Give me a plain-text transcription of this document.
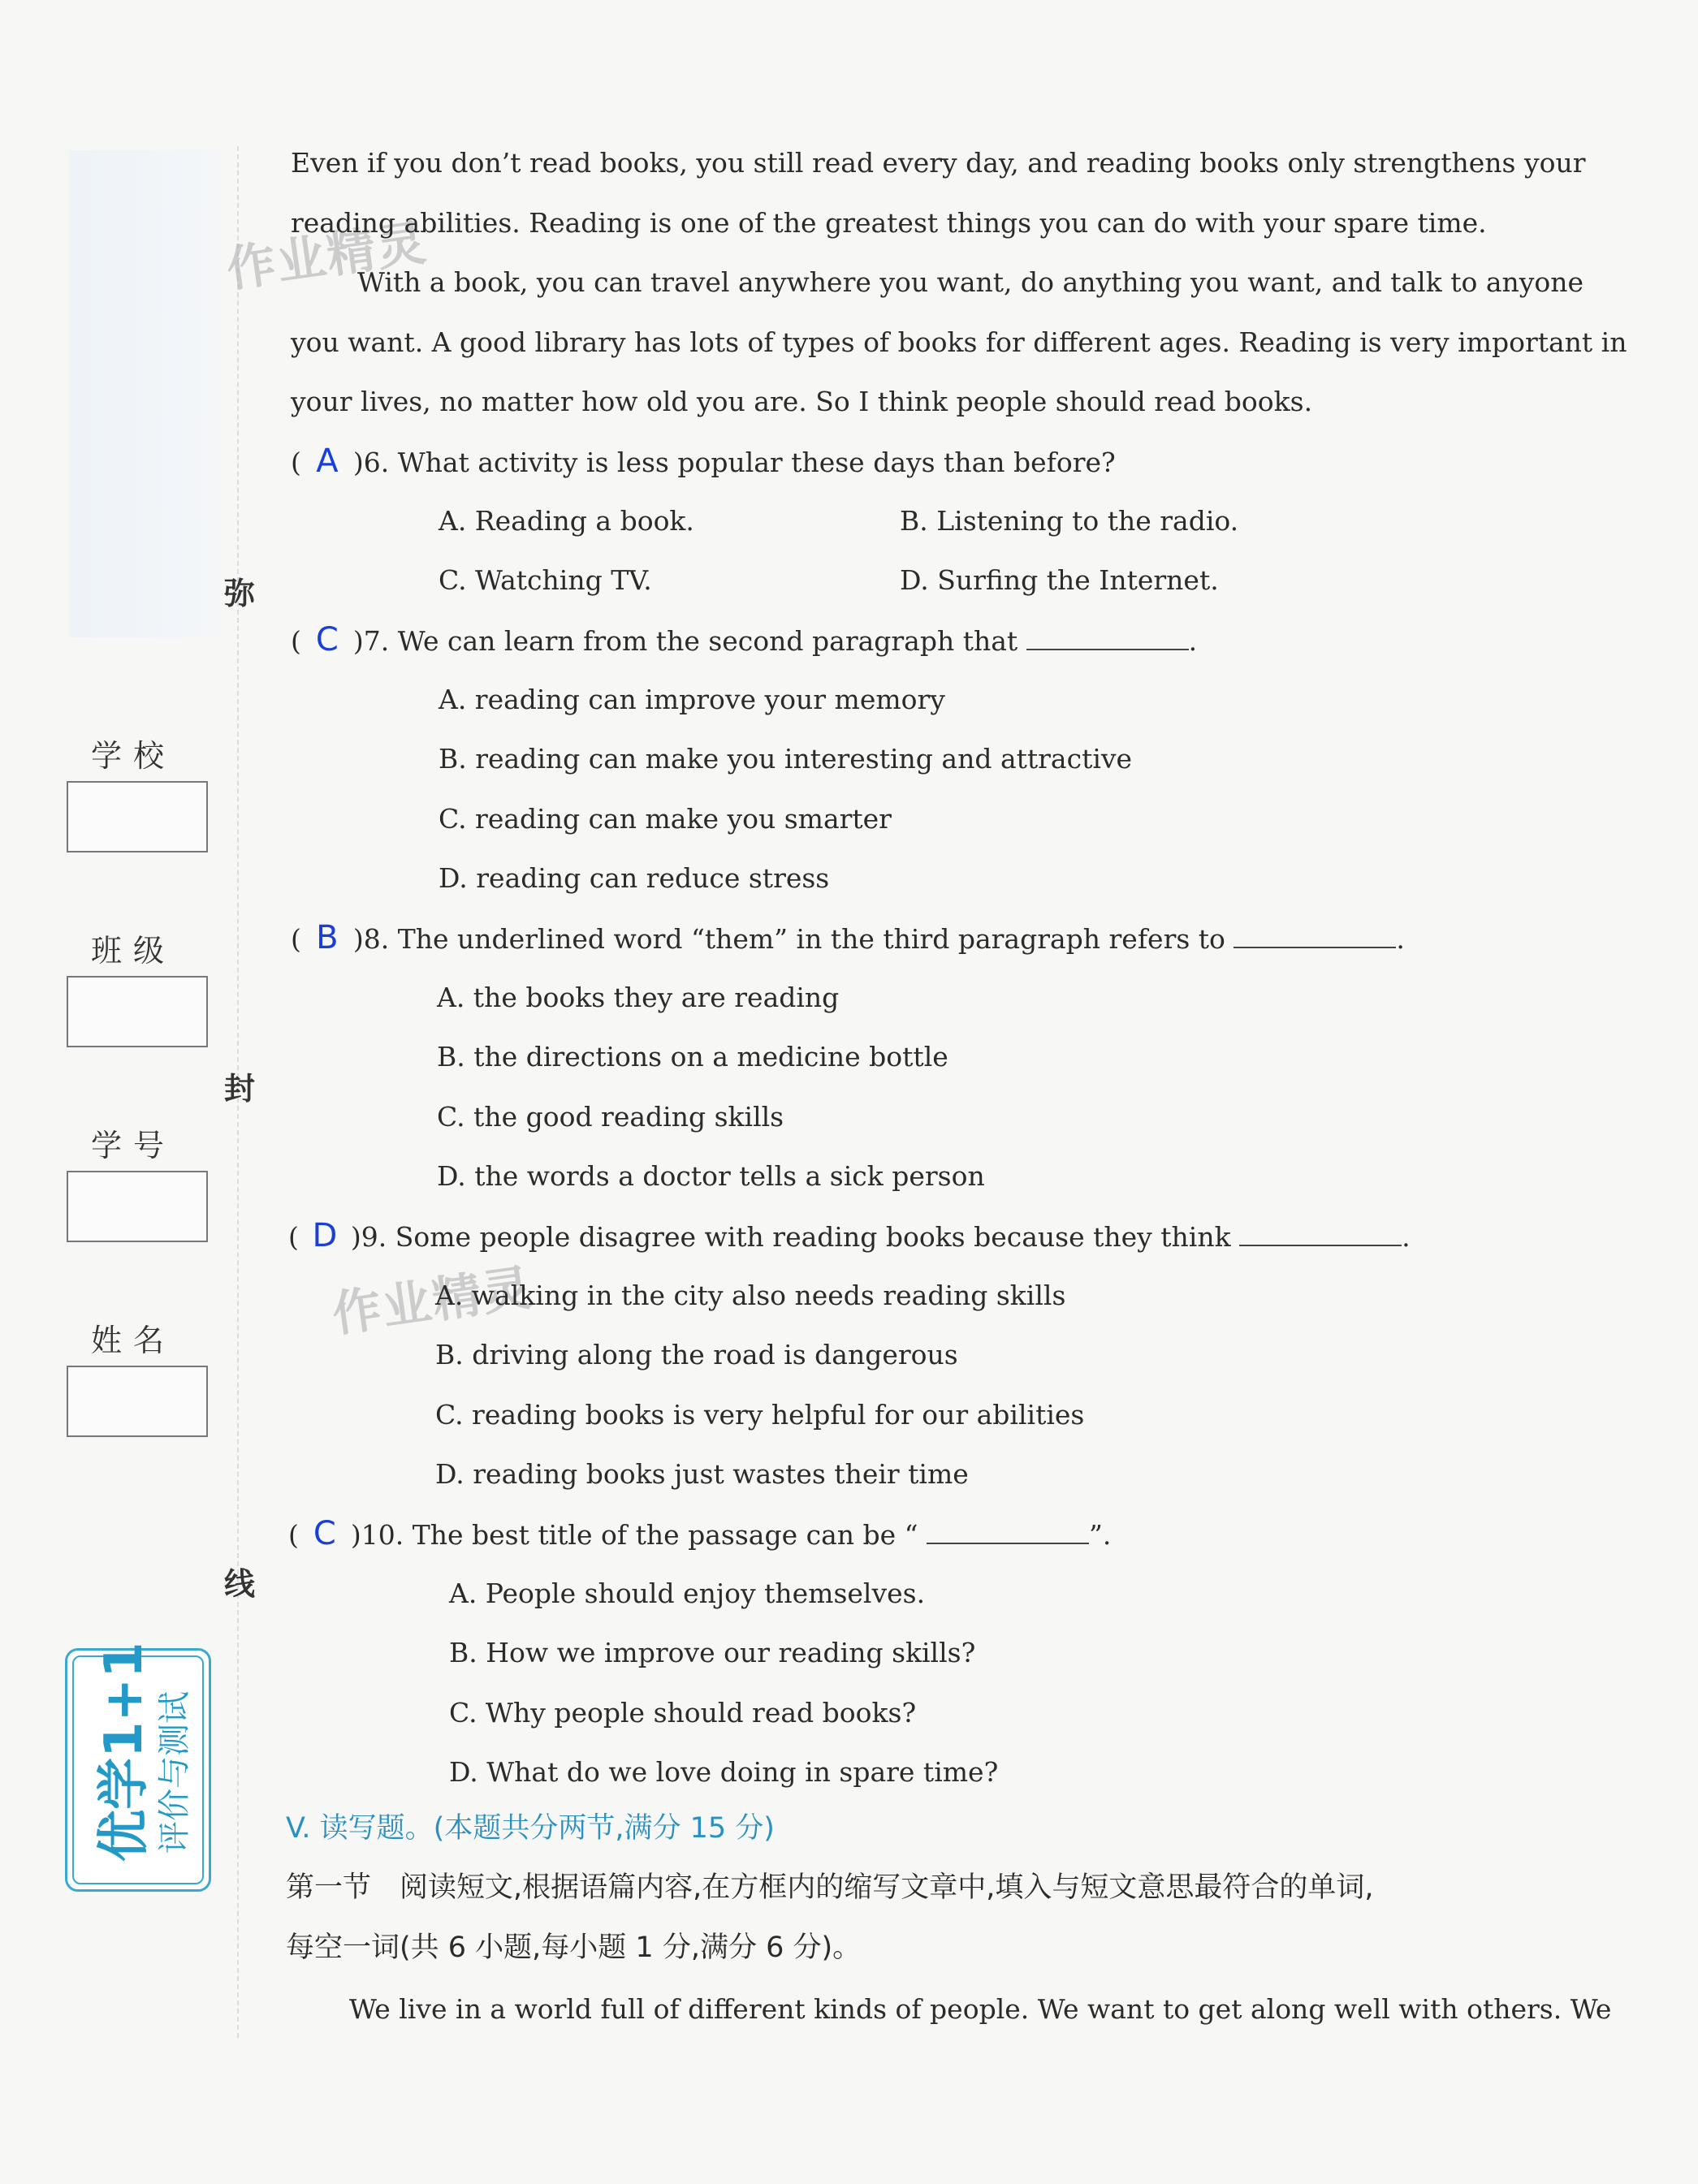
弥
封
线
学校
班级
学号
姓名
优学1+1 评价与测试
作业精灵
作业精灵
Even if you don’t read books, you still read every day, and reading books only strengthens your
reading abilities. Reading is one of the greatest things you can do with your spare time.
With a book, you can travel anywhere you want, do anything you want, and talk to anyone
you want. A good library has lots of types of books for different ages. Reading is very important in
your lives, no matter how old you are. So I think people should read books.
( A )6. What activity is less popular these days than before?
A. Reading a book.	B. Listening to the radio.
C. Watching TV.	D. Surfing the Internet.
( C )7. We can learn from the second paragraph that	.
A. reading can improve your memory
B. reading can make you interesting and attractive
C. reading can make you smarter
D. reading can reduce stress
( B )8. The underlined word “them” in the third paragraph refers to	.
A. the books they are reading
B. the directions on a medicine bottle
C. the good reading skills
D. the words a doctor tells a sick person
( D )9. Some people disagree with reading books because they think	.
A. walking in the city also needs reading skills
B. driving along the road is dangerous
C. reading books is very helpful for our abilities
D. reading books just wastes their time
( C )10. The best title of the passage can be “	”.
A. People should enjoy themselves.
B. How we improve our reading skills?
C. Why people should read books?
D. What do we love doing in spare time?
V. 读写题。(本题共分两节,满分 15 分)
第一节　阅读短文,根据语篇内容,在方框内的缩写文章中,填入与短文意思最符合的单词,
每空一词(共 6 小题,每小题 1 分,满分 6 分)。
We live in a world full of different kinds of people. We want to get along well with others. We
